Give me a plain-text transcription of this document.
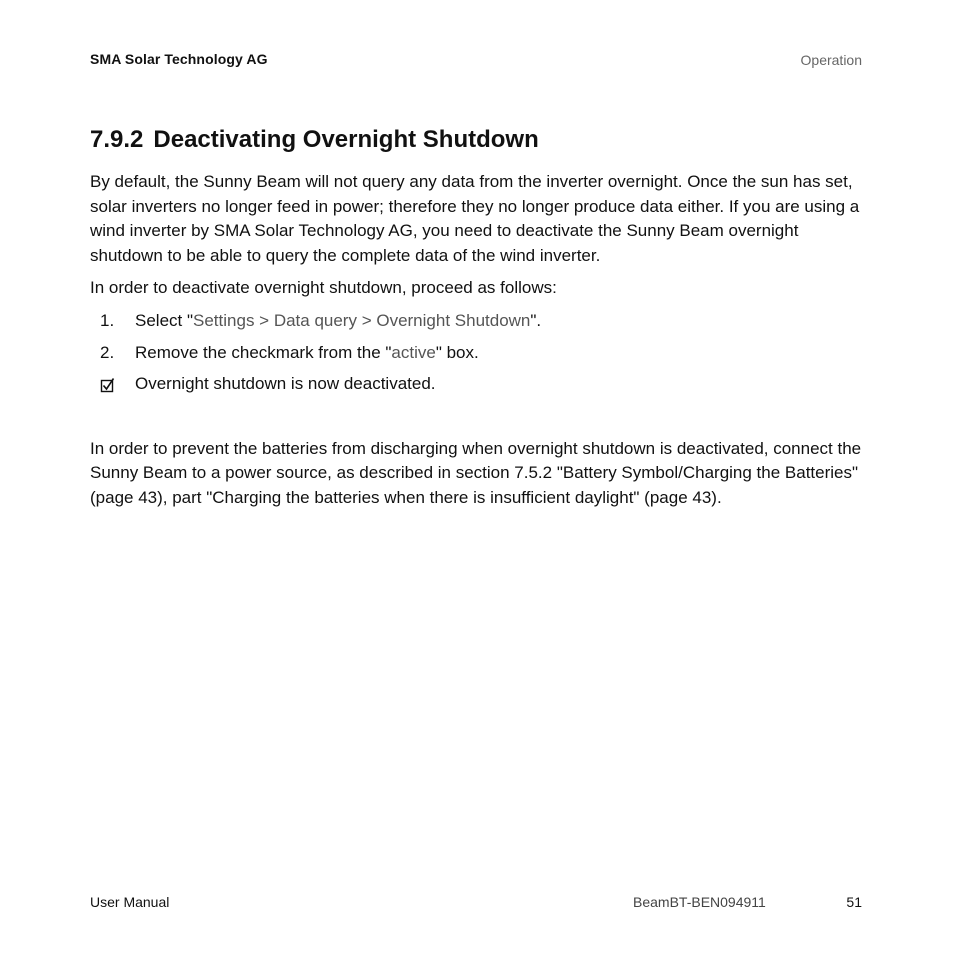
SMA Solar Technology AG	Operation
7.9.2 Deactivating Overnight Shutdown

By default, the Sunny Beam will not query any data from the inverter overnight. Once the sun has set, solar inverters no longer feed in power; therefore they no longer produce data either. If you are using a wind inverter by SMA Solar Technology AG, you need to deactivate the Sunny Beam overnight shutdown to be able to query the complete data of the wind inverter.

In order to deactivate overnight shutdown, proceed as follows:

1.	Select "Settings > Data query > Overnight Shutdown".
2.	Remove the checkmark from the "active" box.
Overnight shutdown is now deactivated.

In order to prevent the batteries from discharging when overnight shutdown is deactivated, connect the Sunny Beam to a power source, as described in section 7.5.2 "Battery Symbol/Charging the Batteries" (page 43), part "Charging the batteries when there is insufficient daylight" (page 43).

User Manual	BeamBT-BEN094911	51
